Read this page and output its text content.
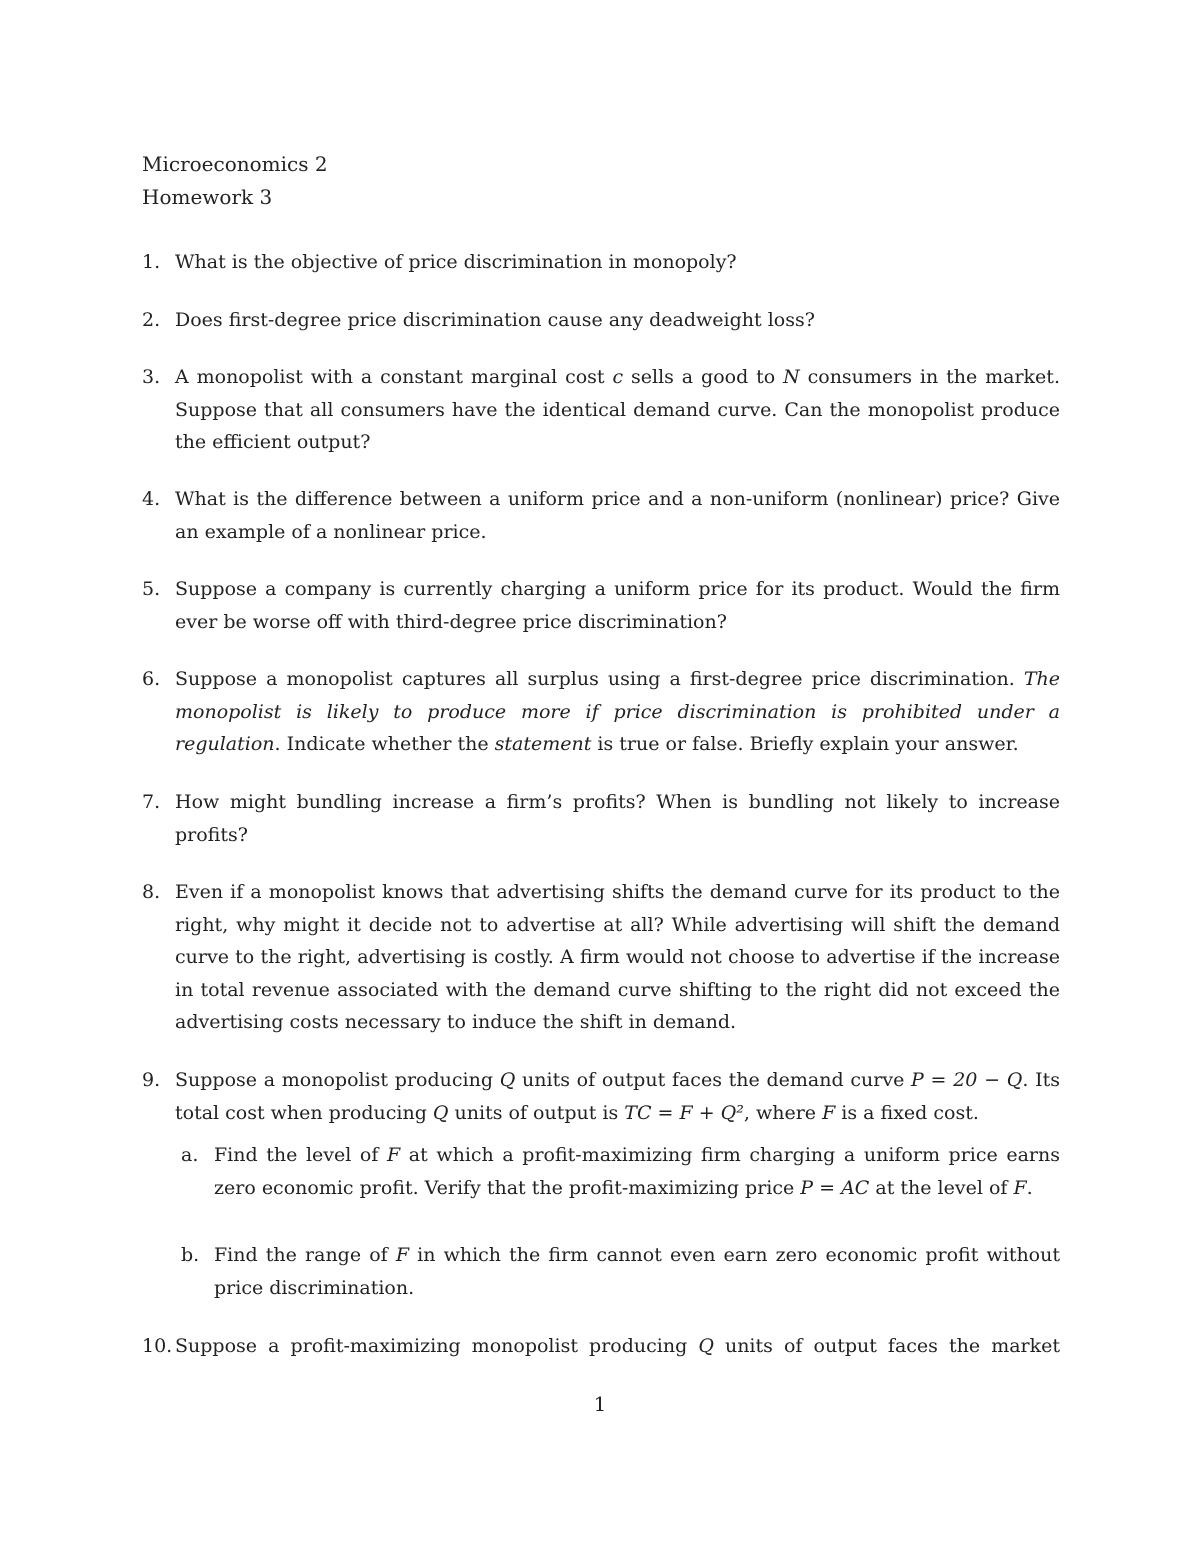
Microeconomics 2
Homework 3
1. What is the objective of price discrimination in monopoly?
2. Does first-degree price discrimination cause any deadweight loss?
3. A monopolist with a constant marginal cost c sells a good to N consumers in the market. Suppose that all consumers have the identical demand curve. Can the monopolist produce the efficient output?
4. What is the difference between a uniform price and a non-uniform (nonlinear) price? Give an example of a nonlinear price.
5. Suppose a company is currently charging a uniform price for its product. Would the firm ever be worse off with third-degree price discrimination?
6. Suppose a monopolist captures all surplus using a first-degree price discrimination. The monopolist is likely to produce more if price discrimination is prohibited under a regulation. Indicate whether the statement is true or false. Briefly explain your answer.
7. How might bundling increase a firm’s profits? When is bundling not likely to increase profits?
8. Even if a monopolist knows that advertising shifts the demand curve for its product to the right, why might it decide not to advertise at all? While advertising will shift the demand curve to the right, advertising is costly. A firm would not choose to advertise if the increase in total revenue associated with the demand curve shifting to the right did not exceed the advertising costs necessary to induce the shift in demand.
9. Suppose a monopolist producing Q units of output faces the demand curve P = 20 − Q. Its total cost when producing Q units of output is TC = F + Q², where F is a fixed cost.
a. Find the level of F at which a profit-maximizing firm charging a uniform price earns zero economic profit. Verify that the profit-maximizing price P = AC at the level of F.
b. Find the range of F in which the firm cannot even earn zero economic profit without price discrimination.
10. Suppose a profit-maximizing monopolist producing Q units of output faces the market
1
